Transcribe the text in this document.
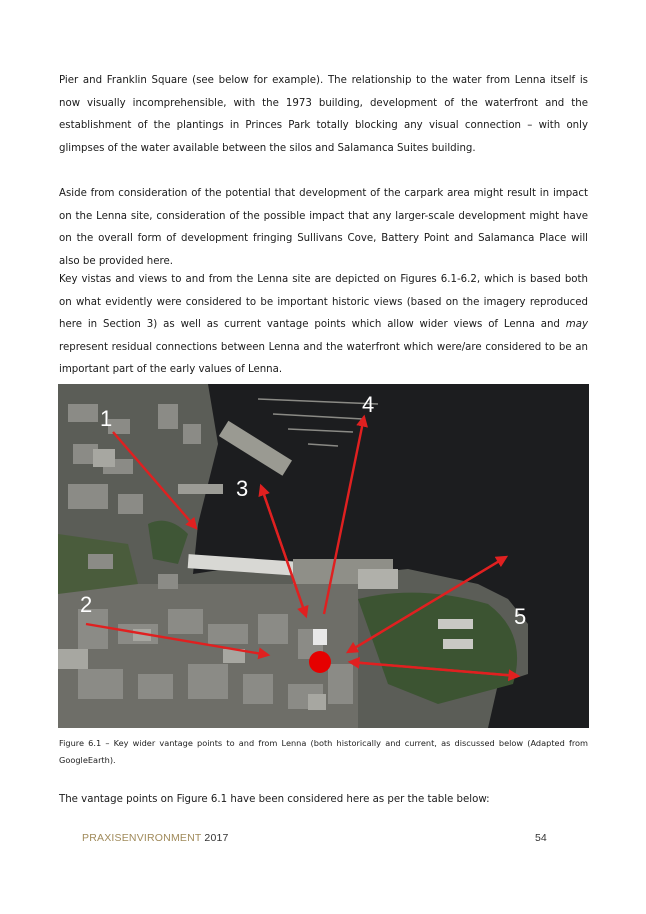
Pier and Franklin Square (see below for example). The relationship to the water from Lenna itself is now visually incomprehensible, with the 1973 building, development of the waterfront and the establishment of the plantings in Princes Park totally blocking any visual connection – with only glimpses of the water available between the silos and Salamanca Suites building.
Aside from consideration of the potential that development of the carpark area might result in impact on the Lenna site, consideration of the possible impact that any larger-scale development might have on the overall form of development fringing Sullivans Cove, Battery Point and Salamanca Place will also be provided here.
Key vistas and views to and from the Lenna site are depicted on Figures 6.1-6.2, which is based both on what evidently were considered to be important historic views (based on the imagery reproduced here in Section 3) as well as current vantage points which allow wider views of Lenna and may represent residual connections between Lenna and the waterfront which were/are considered to be an important part of the early values of Lenna.
1
2
3
4
5
Figure 6.1 – Key wider vantage points to and from Lenna (both historically and current, as discussed below (Adapted from GoogleEarth).
The vantage points on Figure 6.1 have been considered here as per the table below:
PRAXISENVIRONMENT 2017	54
